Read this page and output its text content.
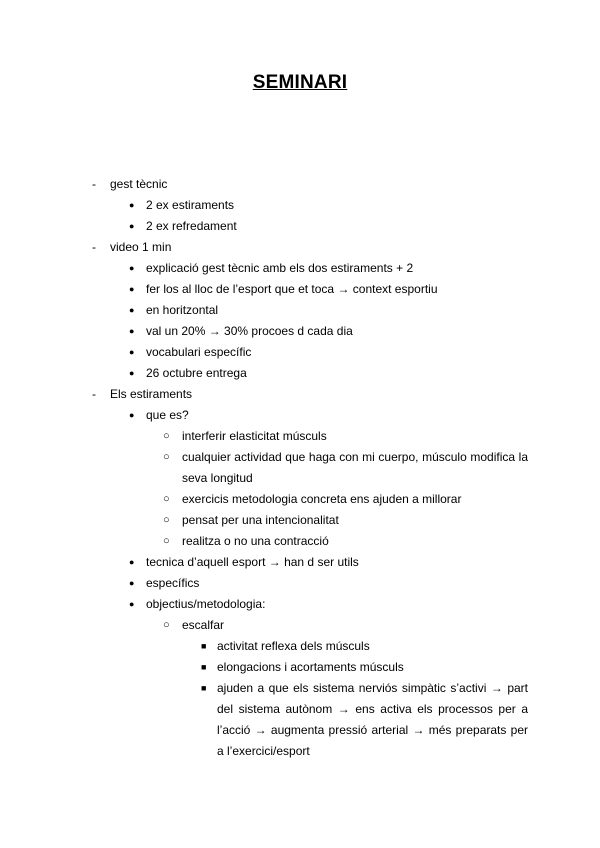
SEMINARI
- gest tècnic
● 2 ex estiraments
● 2 ex refredament
- video 1 min
● explicació gest tècnic amb els dos estiraments + 2
● fer los al lloc de l’esport que et toca → context esportiu
● en horitzontal
● val un 20% → 30% procoes d cada dia
● vocabulari específic
● 26 octubre entrega
- Els estiraments
● que es?
○ interferir elasticitat músculs
○ cualquier actividad que haga con mi cuerpo, músculo modifica la seva longitud
○ exercicis metodologia concreta ens ajuden a millorar
○ pensat per una intencionalitat
○ realitza o no una contracció
● tecnica d’aquell esport → han d ser utils
● específics
● objectius/metodologia:
○ escalfar
■ activitat reflexa dels músculs
■ elongacions i acortaments músculs
■ ajuden a que els sistema nerviós simpàtic s’activi → part del sistema autònom → ens activa els processos per a l’acció → augmenta pressió arterial → més preparats per a l’exercici/esport
